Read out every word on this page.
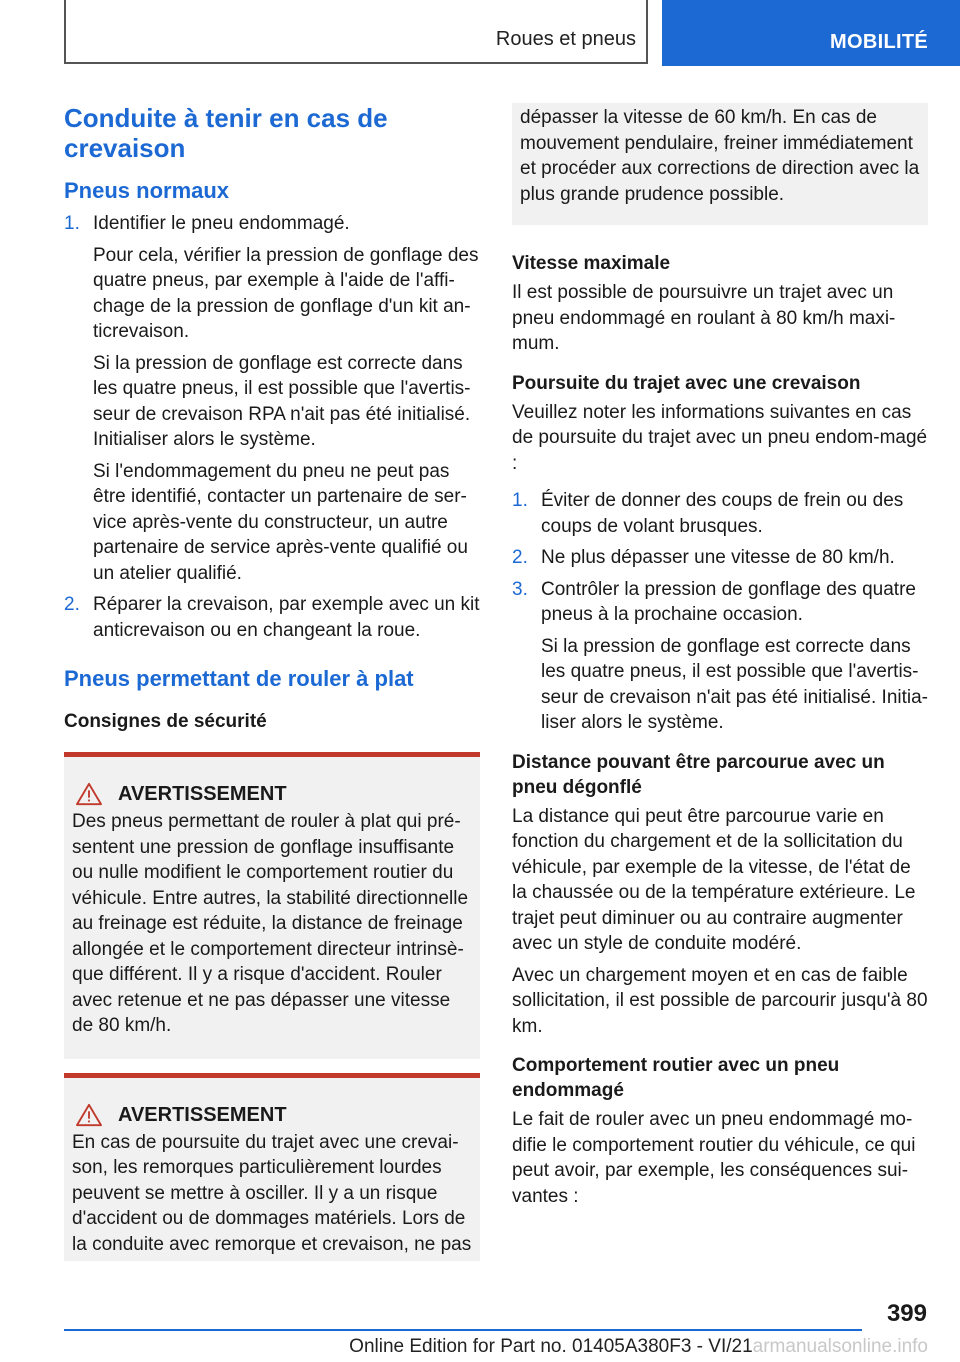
Roues et pneus	MOBILITÉ
Conduite à tenir en cas de crevaison
Pneus normaux
1. Identifier le pneu endommagé.

Pour cela, vérifier la pression de gonflage des quatre pneus, par exemple à l'aide de l'affi-chage de la pression de gonflage d'un kit an-ticrevaison.

Si la pression de gonflage est correcte dans les quatre pneus, il est possible que l'avertis-seur de crevaison RPA n'ait pas été initialisé. Initialiser alors le système.

Si l'endommagement du pneu ne peut pas être identifié, contacter un partenaire de ser-vice après-vente du constructeur, un autre partenaire de service après-vente qualifié ou un atelier qualifié.

2. Réparer la crevaison, par exemple avec un kit anticrevaison ou en changeant la roue.

Pneus permettant de rouler à plat
Consignes de sécurité
AVERTISSEMENT

Des pneus permettant de rouler à plat qui pré-sentent une pression de gonflage insuffisante ou nulle modifient le comportement routier du véhicule. Entre autres, la stabilité directionnelle au freinage est réduite, la distance de freinage allongée et le comportement directeur intrinsè-que différent. Il y a risque d'accident. Rouler avec retenue et ne pas dépasser une vitesse de 80 km/h.

AVERTISSEMENT

En cas de poursuite du trajet avec une crevai-son, les remorques particulièrement lourdes peuvent se mettre à osciller. Il y a un risque d'accident ou de dommages matériels. Lors de la conduite avec remorque et crevaison, ne pas

dépasser la vitesse de 60 km/h. En cas de mouvement pendulaire, freiner immédiatement et procéder aux corrections de direction avec la plus grande prudence possible.

Vitesse maximale

Il est possible de poursuivre un trajet avec un pneu endommagé en roulant à 80 km/h maxi-mum.

Poursuite du trajet avec une crevaison

Veuillez noter les informations suivantes en cas de poursuite du trajet avec un pneu endom-magé :

1. Éviter de donner des coups de frein ou des coups de volant brusques.

2. Ne plus dépasser une vitesse de 80 km/h.

3. Contrôler la pression de gonflage des quatre pneus à la prochaine occasion.

Si la pression de gonflage est correcte dans les quatre pneus, il est possible que l'avertis-seur de crevaison n'ait pas été initialisé. Initia-liser alors le système.

Distance pouvant être parcourue avec un pneu dégonflé

La distance qui peut être parcourue varie en fonction du chargement et de la sollicitation du véhicule, par exemple de la vitesse, de l'état de la chaussée ou de la température extérieure. Le trajet peut diminuer ou au contraire augmenter avec un style de conduite modéré.

Avec un chargement moyen et en cas de faible sollicitation, il est possible de parcourir jusqu'à 80 km.

Comportement routier avec un pneu endommagé

Le fait de rouler avec un pneu endommagé mo-difie le comportement routier du véhicule, ce qui peut avoir, par exemple, les conséquences sui-vantes :

399
Online Edition for Part no. 01405A380F3 - VI/21armanualsonline.info
